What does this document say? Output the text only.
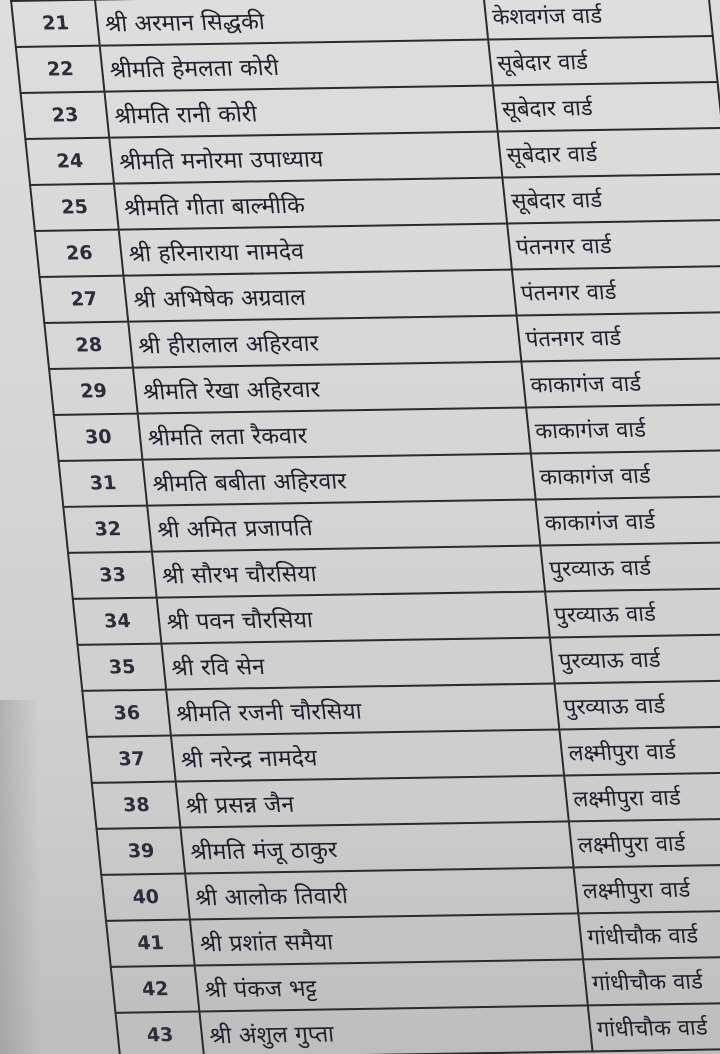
21	श्री अरमान सिद्धकी	केशवगंज वार्ड
22	श्रीमति हेमलता कोरी	सूबेदार वार्ड
23	श्रीमति रानी कोरी	सूबेदार वार्ड
24	श्रीमति मनोरमा उपाध्याय	सूबेदार वार्ड
25	श्रीमति गीता बाल्मीकि	सूबेदार वार्ड
26	श्री हरिनाराया नामदेव	पंतनगर वार्ड
27	श्री अभिषेक अग्रवाल	पंतनगर वार्ड
28	श्री हीरालाल अहिरवार	पंतनगर वार्ड
29	श्रीमति रेखा अहिरवार	काकागंज वार्ड
30	श्रीमति लता रैकवार	काकागंज वार्ड
31	श्रीमति बबीता अहिरवार	काकागंज वार्ड
32	श्री अमित प्रजापति	काकागंज वार्ड
33	श्री सौरभ चौरसिया	पुरव्याऊ वार्ड
34	श्री पवन चौरसिया	पुरव्याऊ वार्ड
35	श्री रवि सेन	पुरव्याऊ वार्ड
36	श्रीमति रजनी चौरसिया	पुरव्याऊ वार्ड
37	श्री नरेन्द्र नामदेय	लक्ष्मीपुरा वार्ड
38	श्री प्रसन्न जैन	लक्ष्मीपुरा वार्ड
39	श्रीमति मंजू ठाकुर	लक्ष्मीपुरा वार्ड
40	श्री आलोक तिवारी	लक्ष्मीपुरा वार्ड
41	श्री प्रशांत समैया	गांधीचौक वार्ड
42	श्री पंकज भट्ट	गांधीचौक वार्ड
43	श्री अंशुल गुप्ता	गांधीचौक वार्ड
